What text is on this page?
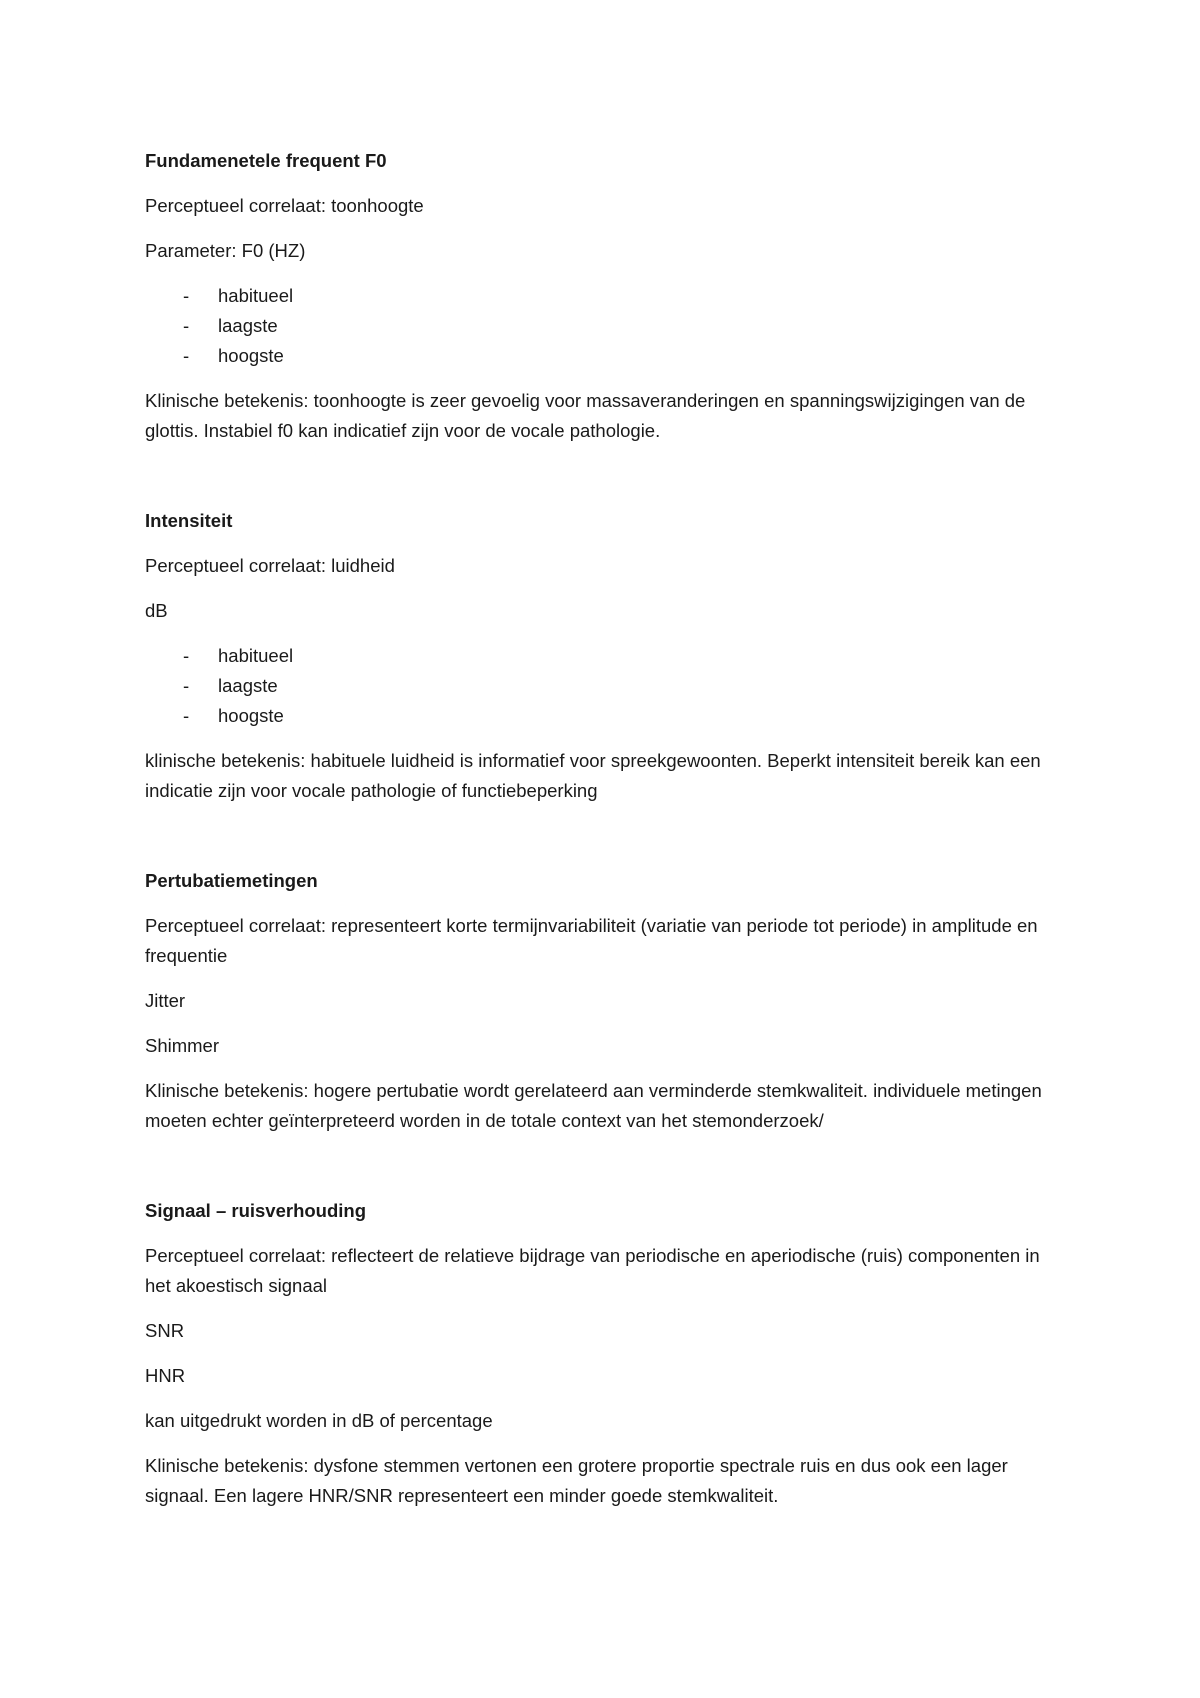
Fundamenetele frequent F0

Perceptueel correlaat: toonhoogte

Parameter: F0 (HZ)

- habitueel
- laagste
- hoogste

Klinische betekenis: toonhoogte is zeer gevoelig voor massaveranderingen en spanningswijzigingen van de glottis. Instabiel f0 kan indicatief zijn voor de vocale pathologie.

Intensiteit

Perceptueel correlaat: luidheid

dB

- habitueel
- laagste
- hoogste

klinische betekenis: habituele luidheid is informatief voor spreekgewoonten. Beperkt intensiteit bereik kan een indicatie zijn voor vocale pathologie of functiebeperking

Pertubatiemetingen

Perceptueel correlaat: representeert korte termijnvariabiliteit (variatie van periode tot periode) in amplitude en frequentie

Jitter

Shimmer

Klinische betekenis: hogere pertubatie wordt gerelateerd aan verminderde stemkwaliteit. individuele metingen moeten echter geïnterpreteerd worden in de totale context van het stemonderzoek/

Signaal – ruisverhouding

Perceptueel correlaat: reflecteert de relatieve bijdrage van periodische en aperiodische (ruis) componenten in het akoestisch signaal

SNR

HNR

kan uitgedrukt worden in dB of percentage

Klinische betekenis: dysfone stemmen vertonen een grotere proportie spectrale ruis en dus ook een lager signaal. Een lagere HNR/SNR representeert een minder goede stemkwaliteit.
